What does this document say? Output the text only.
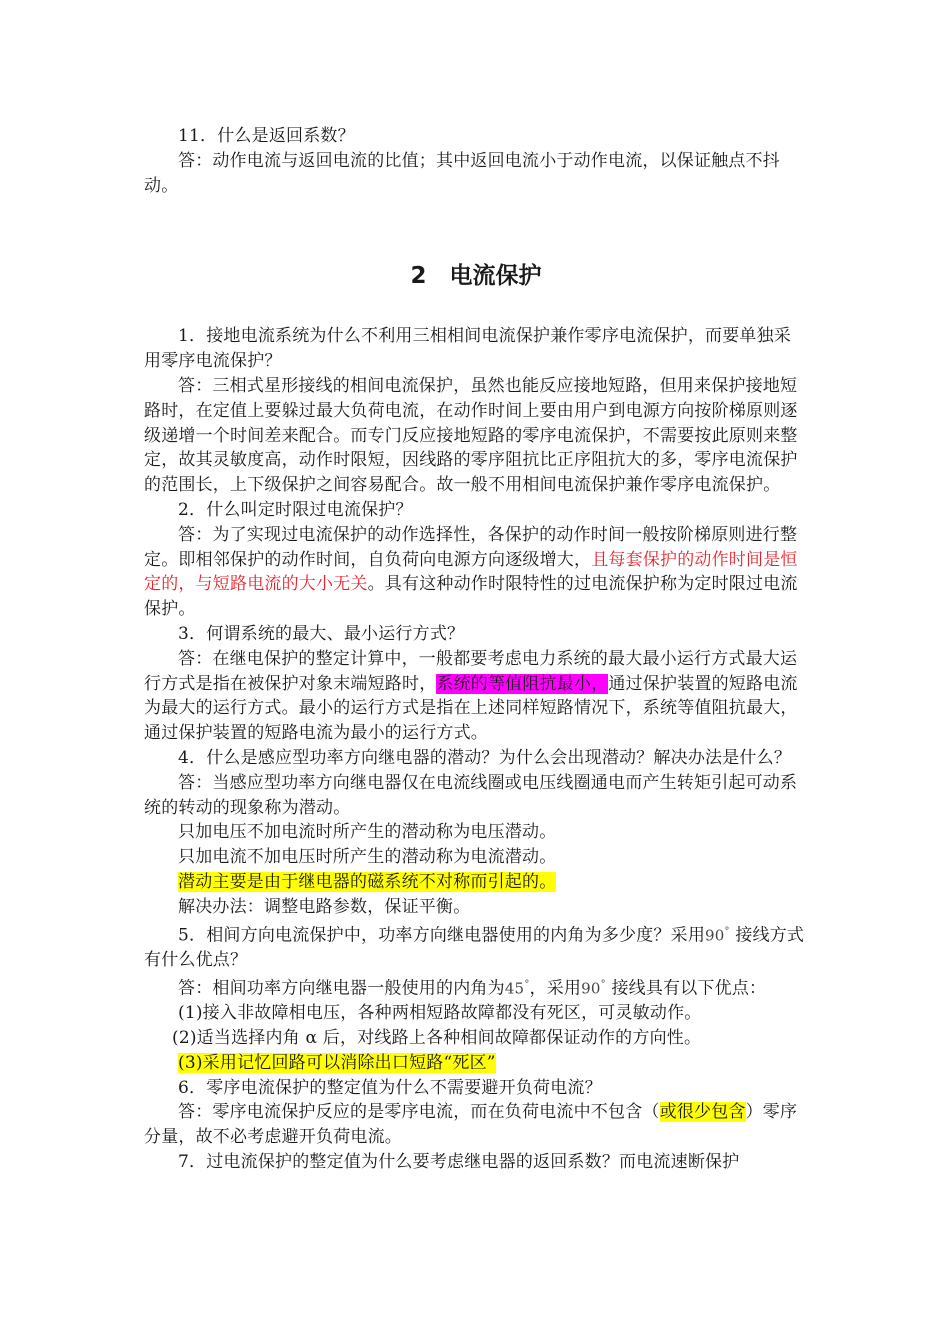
11．什么是返回系数？

答：动作电流与返回电流的比值；其中返回电流小于动作电流，以保证触点不抖动。

2　电流保护

1．接地电流系统为什么不利用三相相间电流保护兼作零序电流保护，而要单独采用零序电流保护？

答：三相式星形接线的相间电流保护，虽然也能反应接地短路，但用来保护接地短路时，在定值上要躲过最大负荷电流，在动作时间上要由用户到电源方向按阶梯原则逐级递增一个时间差来配合。而专门反应接地短路的零序电流保护，不需要按此原则来整定，故其灵敏度高，动作时限短，因线路的零序阻抗比正序阻抗大的多，零序电流保护的范围长，上下级保护之间容易配合。故一般不用相间电流保护兼作零序电流保护。

2．什么叫定时限过电流保护？

答：为了实现过电流保护的动作选择性，各保护的动作时间一般按阶梯原则进行整定。即相邻保护的动作时间，自负荷向电源方向逐级增大，且每套保护的动作时间是恒定的，与短路电流的大小无关。具有这种动作时限特性的过电流保护称为定时限过电流保护。

3．何谓系统的最大、最小运行方式？

答：在继电保护的整定计算中，一般都要考虑电力系统的最大最小运行方式最大运行方式是指在被保护对象末端短路时，系统的等值阻抗最小，通过保护装置的短路电流为最大的运行方式。最小的运行方式是指在上述同样短路情况下，系统等值阻抗最大，通过保护装置的短路电流为最小的运行方式。

4．什么是感应型功率方向继电器的潜动？为什么会出现潜动？解决办法是什么？

答：当感应型功率方向继电器仅在电流线圈或电压线圈通电而产生转矩引起可动系统的转动的现象称为潜动。

只加电压不加电流时所产生的潜动称为电压潜动。

只加电流不加电压时所产生的潜动称为电流潜动。

潜动主要是由于继电器的磁系统不对称而引起的。

解决办法：调整电路参数，保证平衡。

5．相间方向电流保护中，功率方向继电器使用的内角为多少度？采用90° 接线方式有什么优点？

答：相间功率方向继电器一般使用的内角为45°，采用90° 接线具有以下优点：

(1)接入非故障相电压，各种两相短路故障都没有死区，可灵敏动作。

(2)适当选择内角 α 后，对线路上各种相间故障都保证动作的方向性。

(3)采用记忆回路可以消除出口短路“死区”

6．零序电流保护的整定值为什么不需要避开负荷电流？

答：零序电流保护反应的是零序电流，而在负荷电流中不包含（或很少包含）零序分量，故不必考虑避开负荷电流。

7．过电流保护的整定值为什么要考虑继电器的返回系数？而电流速断保护
